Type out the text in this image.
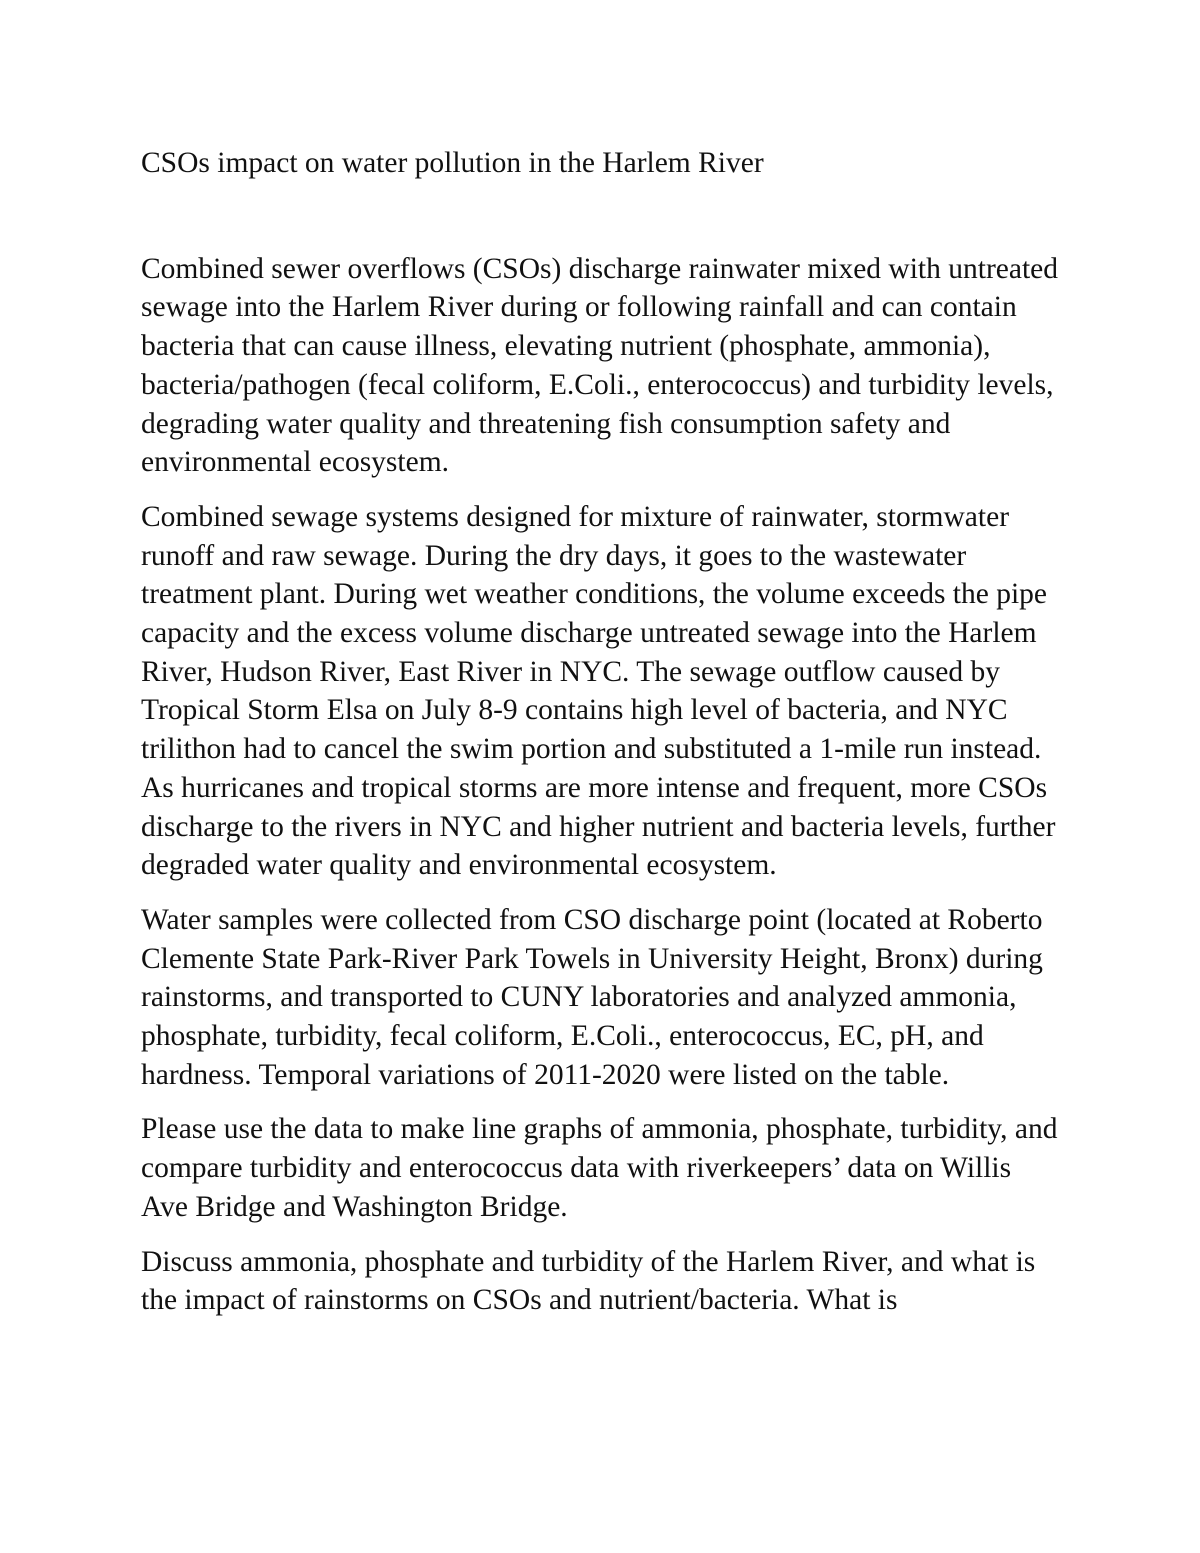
CSOs impact on water pollution in the Harlem River

Combined sewer overflows (CSOs) discharge rainwater mixed with untreated sewage into the Harlem River during or following rainfall and can contain bacteria that can cause illness, elevating nutrient (phosphate, ammonia), bacteria/pathogen (fecal coliform, E.Coli., enterococcus) and turbidity levels, degrading water quality and threatening fish consumption safety and environmental ecosystem.

Combined sewage systems designed for mixture of rainwater, stormwater runoff and raw sewage. During the dry days, it goes to the wastewater treatment plant. During wet weather conditions, the volume exceeds the pipe capacity and the excess volume discharge untreated sewage into the Harlem River, Hudson River, East River in NYC. The sewage outflow caused by Tropical Storm Elsa on July 8-9 contains high level of bacteria, and NYC trilithon had to cancel the swim portion and substituted a 1-mile run instead. As hurricanes and tropical storms are more intense and frequent, more CSOs discharge to the rivers in NYC and higher nutrient and bacteria levels, further degraded water quality and environmental ecosystem.

Water samples were collected from CSO discharge point (located at Roberto Clemente State Park-River Park Towels in University Height, Bronx) during rainstorms, and transported to CUNY laboratories and analyzed ammonia, phosphate, turbidity, fecal coliform, E.Coli., enterococcus, EC, pH, and hardness. Temporal variations of 2011-2020 were listed on the table.

Please use the data to make line graphs of ammonia, phosphate, turbidity, and compare turbidity and enterococcus data with riverkeepers’ data on Willis Ave Bridge and Washington Bridge.

Discuss ammonia, phosphate and turbidity of the Harlem River, and what is the impact of rainstorms on CSOs and nutrient/bacteria. What is
